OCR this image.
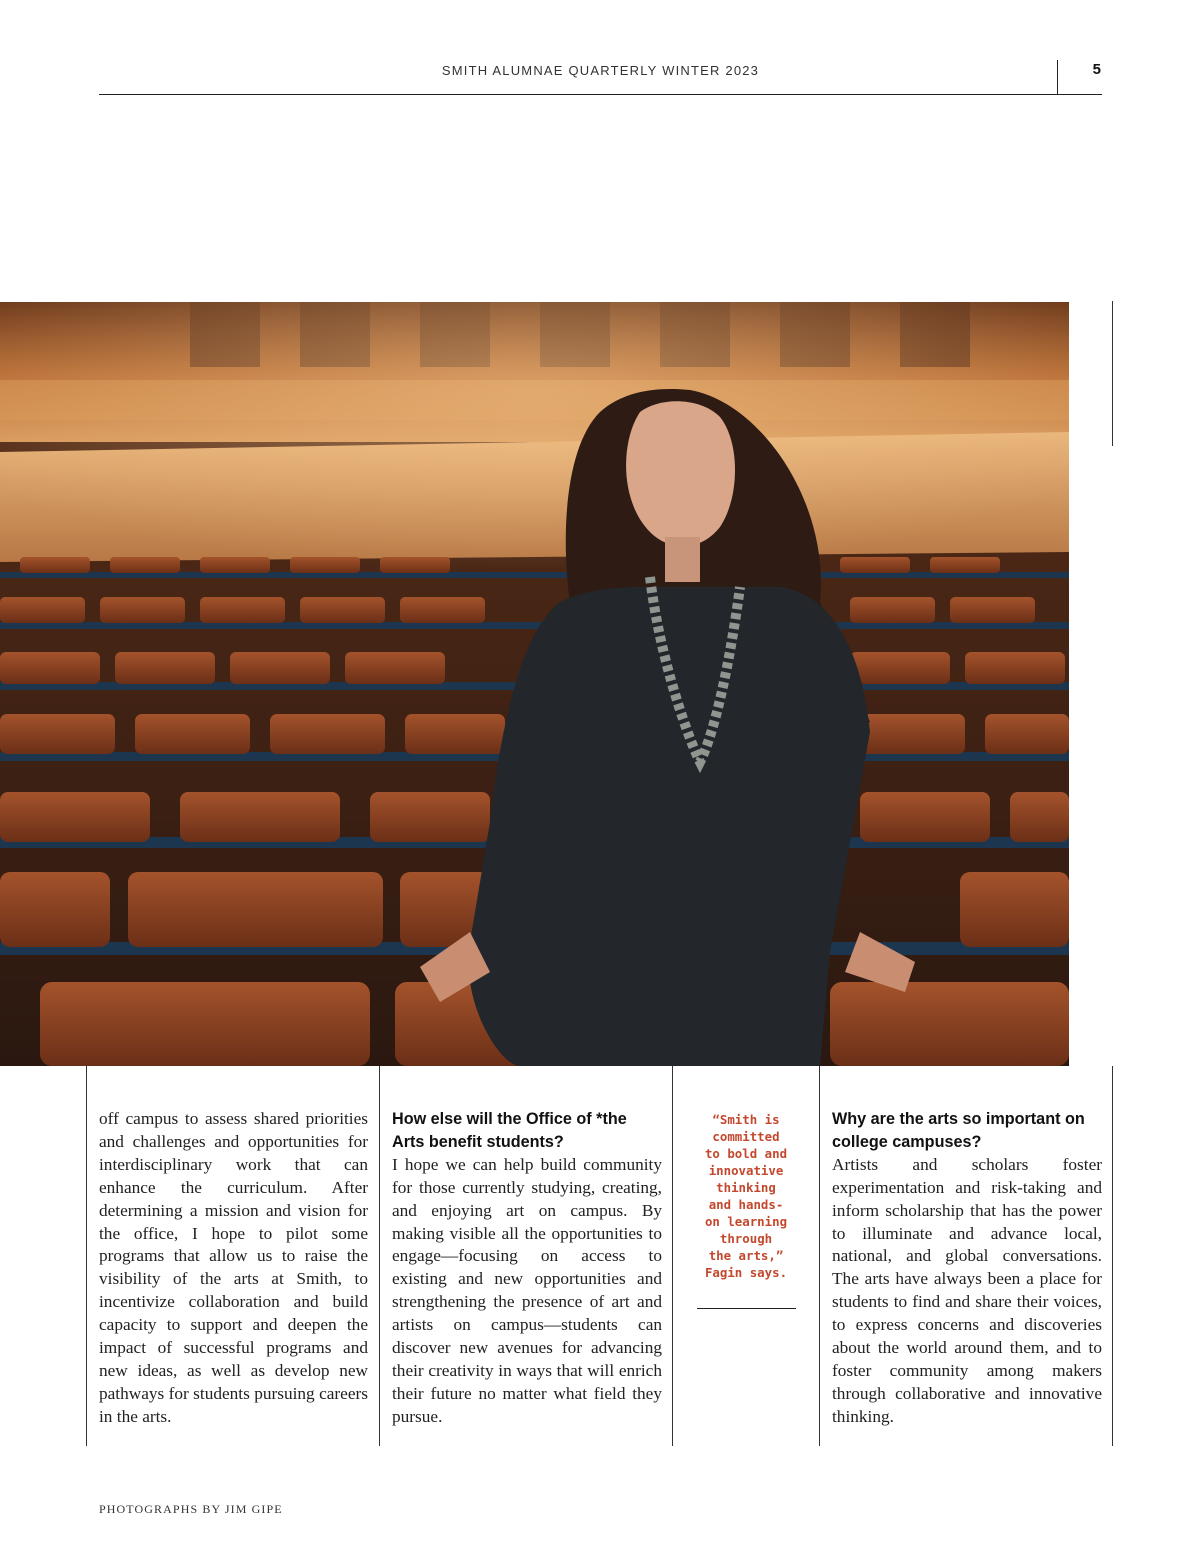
SMITH ALUMNAE QUARTERLY WINTER 2023	5

off campus to assess shared priorities and challenges and opportunities for interdisciplinary work that can enhance the curriculum. After determining a mission and vision for the office, I hope to pilot some programs that allow us to raise the visibility of the arts at Smith, to incentivize collaboration and build capacity to support and deepen the impact of successful programs and new ideas, as well as develop new pathways for students pursuing careers in the arts.

How else will the Office of *the Arts benefit students?

I hope we can help build community for those currently studying, creating, and enjoying art on campus. By making visible all the opportunities to engage—focusing on access to existing and new opportunities and strengthening the presence of art and artists on campus—students can discover new avenues for advancing their creativity in ways that will enrich their future no matter what field they pursue.

“Smith is
committed
to bold and
innovative
thinking
and hands-
on learning
through
the arts,”
Fagin says.

Why are the arts so important on college campuses?

Artists and scholars foster experimentation and risk-taking and inform scholarship that has the power to illuminate and advance local, national, and global conversations. The arts have always been a place for students to find and share their voices, to express concerns and discoveries about the world around them, and to foster community among makers through collaborative and innovative thinking.

PHOTOGRAPHS BY JIM GIPE
